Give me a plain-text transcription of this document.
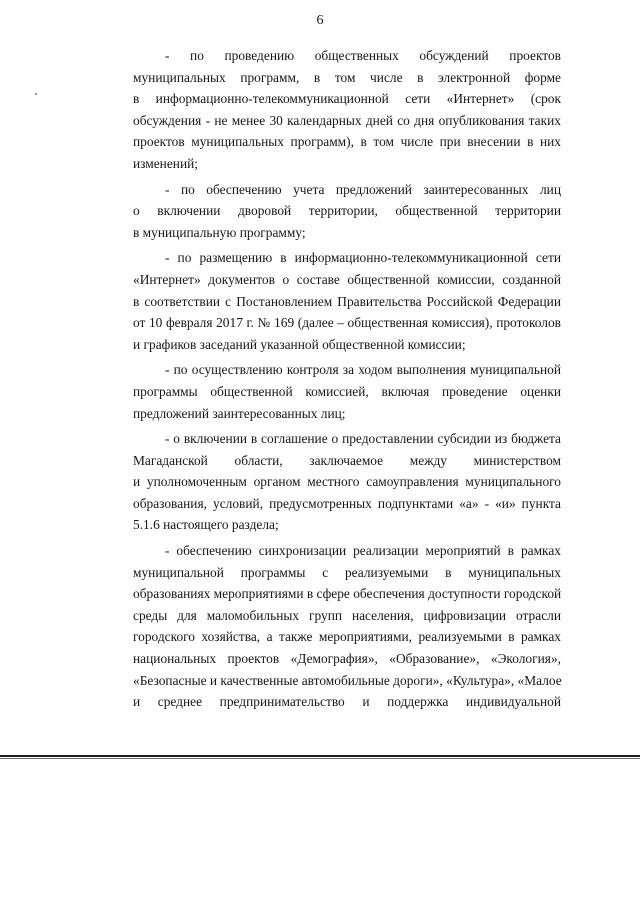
6

- по проведению общественных обсуждений проектов
муниципальных программ, в том числе в электронной форме
в информационно-телекоммуникационной сети «Интернет» (срок
обсуждения - не менее 30 календарных дней со дня опубликования таких
проектов муниципальных программ), в том числе при внесении в них
изменений;

- по обеспечению учета предложений заинтересованных лиц
о включении дворовой территории, общественной территории
в муниципальную программу;

- по размещению в информационно-телекоммуникационной сети
«Интернет» документов о составе общественной комиссии, созданной
в соответствии с Постановлением Правительства Российской Федерации
от 10 февраля 2017 г. № 169 (далее – общественная комиссия), протоколов
и графиков заседаний указанной общественной комиссии;

- по осуществлению контроля за ходом выполнения муниципальной
программы общественной комиссией, включая проведение оценки
предложений заинтересованных лиц;

- о включении в соглашение о предоставлении субсидии из бюджета
Магаданской области, заключаемое между министерством
и уполномоченным органом местного самоуправления муниципального
образования, условий, предусмотренных подпунктами «а» - «и» пункта
5.1.6 настоящего раздела;

- обеспечению синхронизации реализации мероприятий в рамках
муниципальной программы с реализуемыми в муниципальных
образованиях мероприятиями в сфере обеспечения доступности городской
среды для маломобильных групп населения, цифровизации отрасли
городского хозяйства, а также мероприятиями, реализуемыми в рамках
национальных проектов «Демография», «Образование», «Экология»,
«Безопасные и качественные автомобильные дороги», «Культура», «Малое
и среднее предпринимательство и поддержка индивидуальной
